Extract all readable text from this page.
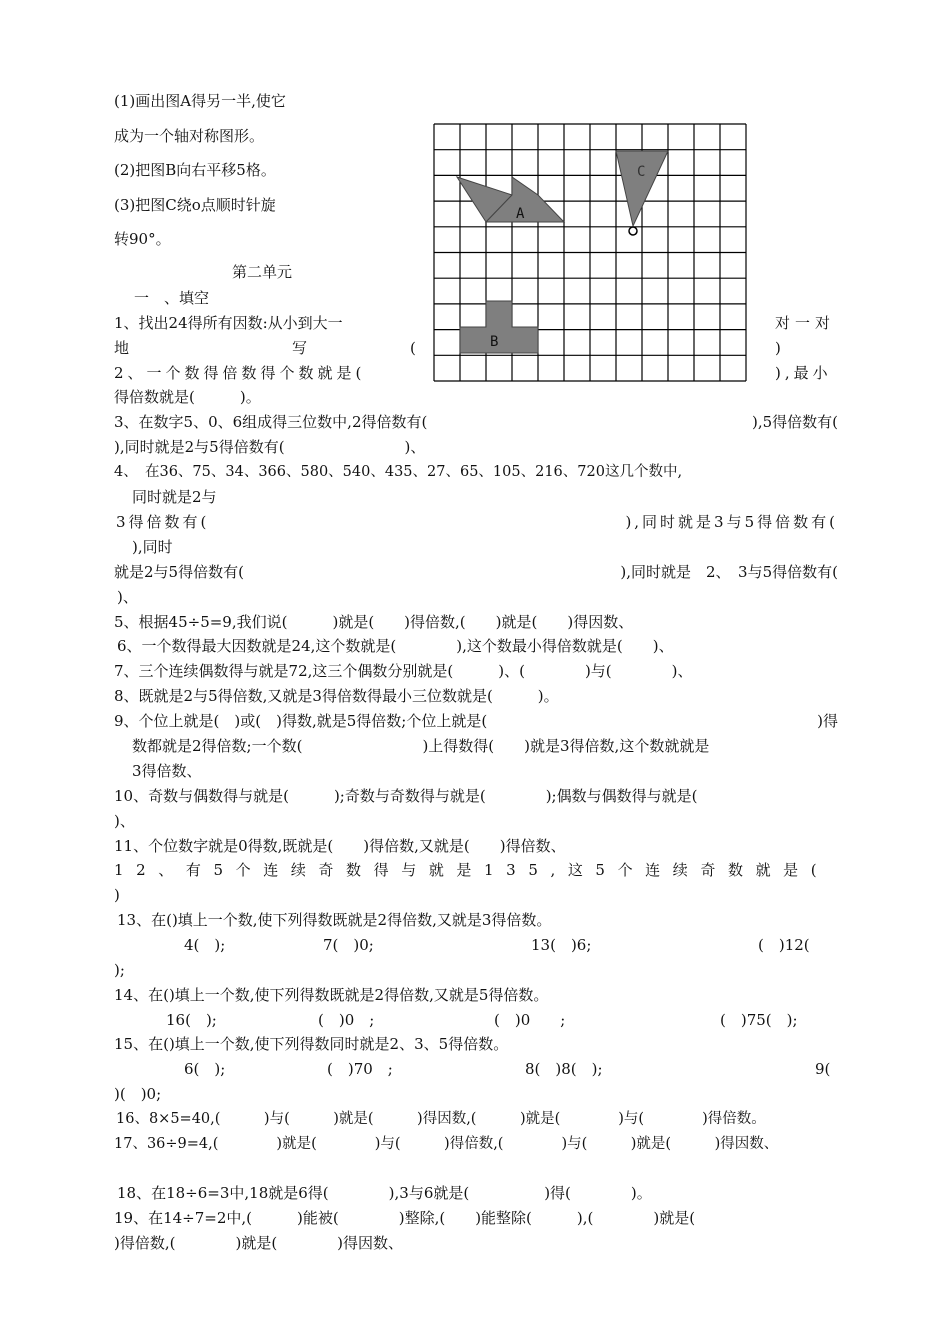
(1)画出图A得另一半,使它
成为一个轴对称图形。
(2)把图B向右平移5格。
(3)把图C绕o点顺时针旋
转90°。
A
B
C
第二单元
一　、填空
1、找出24得所有因数:从小到大一	对一对
地	写	(	)
2、一个数得倍数得个数就是(	),最小
得倍数就是(　　　)。
3、在数字5、0、6组成得三位数中,2得倍数有(	),5得倍数有(
),同时就是2与5得倍数有(　　　　　　　　)、
4、　在36、75、34、366、580、540、435、27、65、105、216、720这几个数中,
同时就是2与
3得倍数有(	),同时就是3与5得倍数有(
),同时
就是2与5得倍数有(	),同时就是　2、　3与5得倍数有(
)、
5、根据45÷5=9,我们说(　　　)就是(　　)得倍数,(　　)就是(　　)得因数、
6、一个数得最大因数就是24,这个数就是(　　　　),这个数最小得倍数就是(　　)、
7、三个连续偶数得与就是72,这三个偶数分别就是(　　　)、(　　　　)与(　　　　)、
8、既就是2与5得倍数,又就是3得倍数得最小三位数就是(　　　)。
9、个位上就是(　)或(　)得数,就是5得倍数;个位上就是(	)得
数都就是2得倍数;一个数(　　　　　　　　)上得数得(　　)就是3得倍数,这个数就就是
3得倍数、
10、奇数与偶数得与就是(　　　);奇数与奇数得与就是(　　　　);偶数与偶数得与就是(
)、
11、个位数字就是0得数,既就是(　　)得倍数,又就是(　　)得倍数、
12、有5个连续奇数得与就是135,这5个连续奇数就是(
)
13、在()填上一个数,使下列得数既就是2得倍数,又就是3得倍数。
4(　);	7(　)0;	13(　)6;	(　)12(
);
14、在()填上一个数,使下列得数既就是2得倍数,又就是5得倍数。
16(　);	(　)0　;	(　)0　　;	(　)75(　);
15、在()填上一个数,使下列得数同时就是2、3、5得倍数。
6(　);	(　)70　;	8(　)8(　);	9(
)(　)0;
16、8×5=40,(　　　)与(　　　)就是(　　　)得因数,(　　　)就是(　　　　)与(　　　　)得倍数。
17、36÷9=4,(　　　　)就是(　　　　)与(　　　)得倍数,(　　　　)与(　　　)就是(　　　)得因数、
18、在18÷6=3中,18就是6得(　　　　),3与6就是(　　　　　)得(　　　　)。
19、在14÷7=2中,(　　　)能被(　　　　)整除,(　　)能整除(　　　),(　　　　)就是(
)得倍数,(　　　　)就是(　　　　)得因数、
